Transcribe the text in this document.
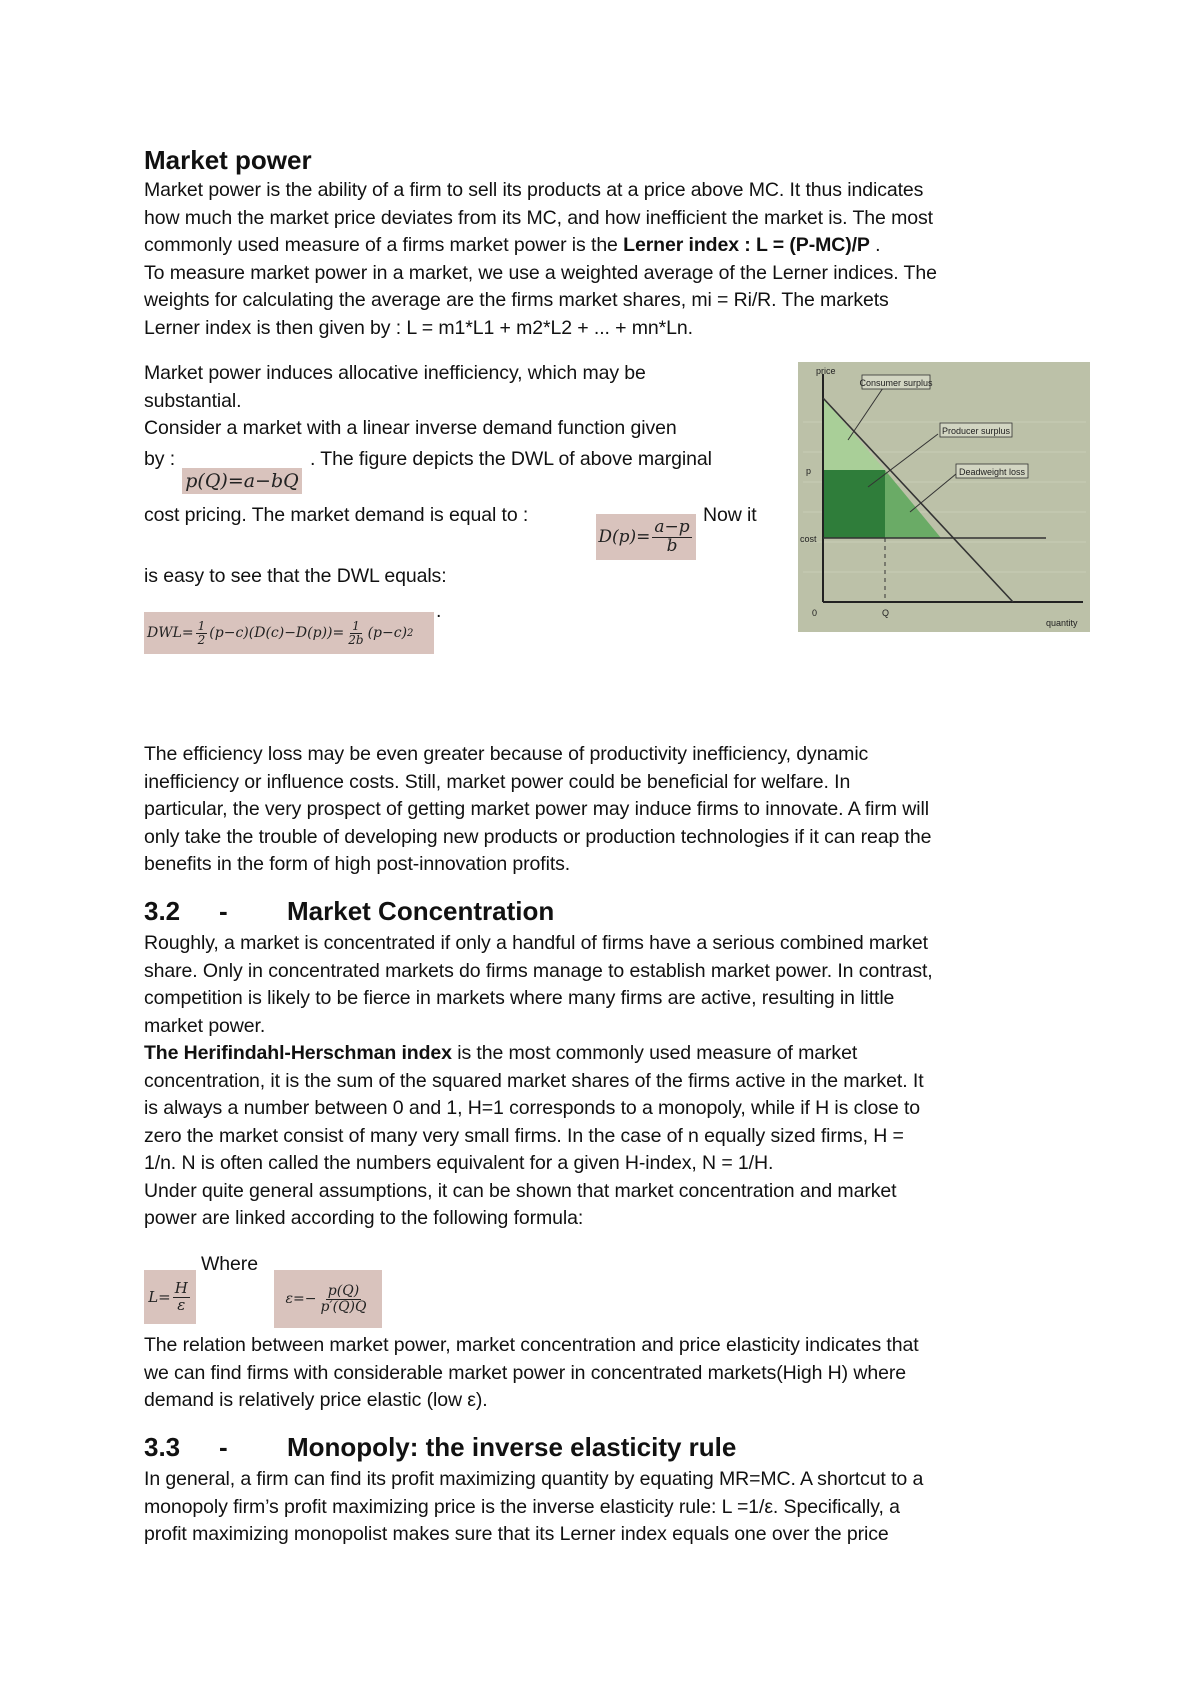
Market power

Market power is the ability of a firm to sell its products at a price above MC. It thus indicates

how much the market price deviates from its MC, and how inefficient the market is. The most

commonly used measure of a firms market power is the Lerner index : L = (P-MC)/P .

To measure market power in a market, we use a weighted average of the Lerner indices. The

weights for calculating the average are the firms market shares, mi = Ri/R. The markets

Lerner index is then given by : L = m1*L1 + m2*L2 + ... + mn*Ln.

Market power induces allocative inefficiency, which may be

substantial.

Consider a market with a linear inverse demand function given

by :	. The figure depicts the DWL of above marginal
p(Q)=a−bQ
cost pricing. The market demand is equal to :	Now it
$D(p)= \frac{a-p}{b}$
is easy to see that the DWL equals:
.
$DWL= \frac{1}{2} (p-c)(D(c)-D(p))= \frac{1}{2b} (p-c)$ 2
Consumer surplus
Producer surplus
Deadweight loss
price
p
cost
0	Q
quantity

The efficiency loss may be even greater because of productivity inefficiency, dynamic

inefficiency or influence costs. Still, market power could be beneficial for welfare. In

particular, the very prospect of getting market power may induce firms to innovate. A firm will

only take the trouble of developing new products or production technologies if it can reap the

benefits in the form of high post-innovation profits.

3.2 - Market Concentration

Roughly, a market is concentrated if only a handful of firms have a serious combined market

share. Only in concentrated markets do firms manage to establish market power. In contrast,

competition is likely to be fierce in markets where many firms are active, resulting in little

market power.

The Herifindahl-Herschman index is the most commonly used measure of market

concentration, it is the sum of the squared market shares of the firms active in the market. It

is always a number between 0 and 1, H=1 corresponds to a monopoly, while if H is close to

zero the market consist of many very small firms. In the case of n equally sized firms, H =

1/n. N is often called the numbers equivalent for a given H-index, N = 1/H.

Under quite general assumptions, it can be shown that market concentration and market

power are linked according to the following formula:

$L= \frac{H}{\varepsilon}$
Where
$\varepsilon=- \frac{p(Q)}{p'(Q)Q}$

The relation between market power, market concentration and price elasticity indicates that

we can find firms with considerable market power in concentrated markets(High H) where

demand is relatively price elastic (low ε).

3.3 - Monopoly: the inverse elasticity rule

In general, a firm can find its profit maximizing quantity by equating MR=MC. A shortcut to a

monopoly firm’s profit maximizing price is the inverse elasticity rule: L =1/ε. Specifically, a

profit maximizing monopolist makes sure that its Lerner index equals one over the price
